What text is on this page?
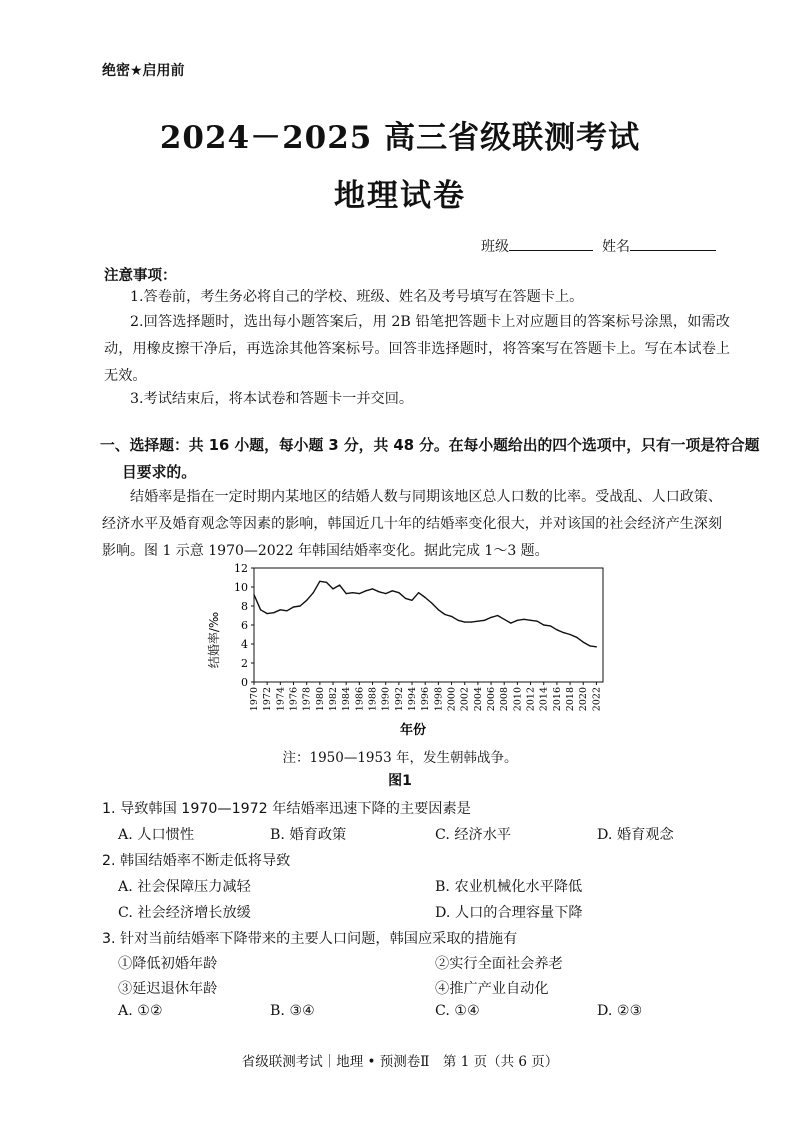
绝密★启用前
2024－2025 高三省级联测考试
地理试卷
班级	姓名
注意事项：
1.答卷前，考生务必将自己的学校、班级、姓名及考号填写在答题卡上。
2.回答选择题时，选出每小题答案后，用 2B 铅笔把答题卡上对应题目的答案标号涂黑，如需改动，用橡皮擦干净后，再选涂其他答案标号。回答非选择题时，将答案写在答题卡上。写在本试卷上无效。
3.考试结束后，将本试卷和答题卡一并交回。
一、选择题：共 16 小题，每小题 3 分，共 48 分。在每小题给出的四个选项中，只有一项是符合题
目要求的。
结婚率是指在一定时期内某地区的结婚人数与同期该地区总人口数的比率。受战乱、人口政策、经济水平及婚育观念等因素的影响，韩国近几十年的结婚率变化很大，并对该国的社会经济产生深刻影响。图 1 示意 1970—2022 年韩国结婚率变化。据此完成 1～3 题。
0
2
4
6
8
10
12
1970 1972 1974 1976 1978 1980 1982 1984 1986 1988 1990 1992 1994 1996 1998 2000 2002 2004 2006 2008 2010 2012 2014 2016 2018 2020 2022
结婚率/‰
年份
注：1950—1953 年，发生朝韩战争。
图1
1. 导致韩国 1970—1972 年结婚率迅速下降的主要因素是
A. 人口惯性	B. 婚育政策	C. 经济水平	D. 婚育观念
2. 韩国结婚率不断走低将导致
A. 社会保障压力减轻	B. 农业机械化水平降低
C. 社会经济增长放缓	D. 人口的合理容量下降
3. 针对当前结婚率下降带来的主要人口问题，韩国应采取的措施有
①降低初婚年龄	②实行全面社会养老
③延迟退休年龄	④推广产业自动化
A. ①②	B. ③④	C. ①④	D. ②③
省级联测考试｜地理 • 预测卷Ⅱ　第 1 页（共 6 页）
